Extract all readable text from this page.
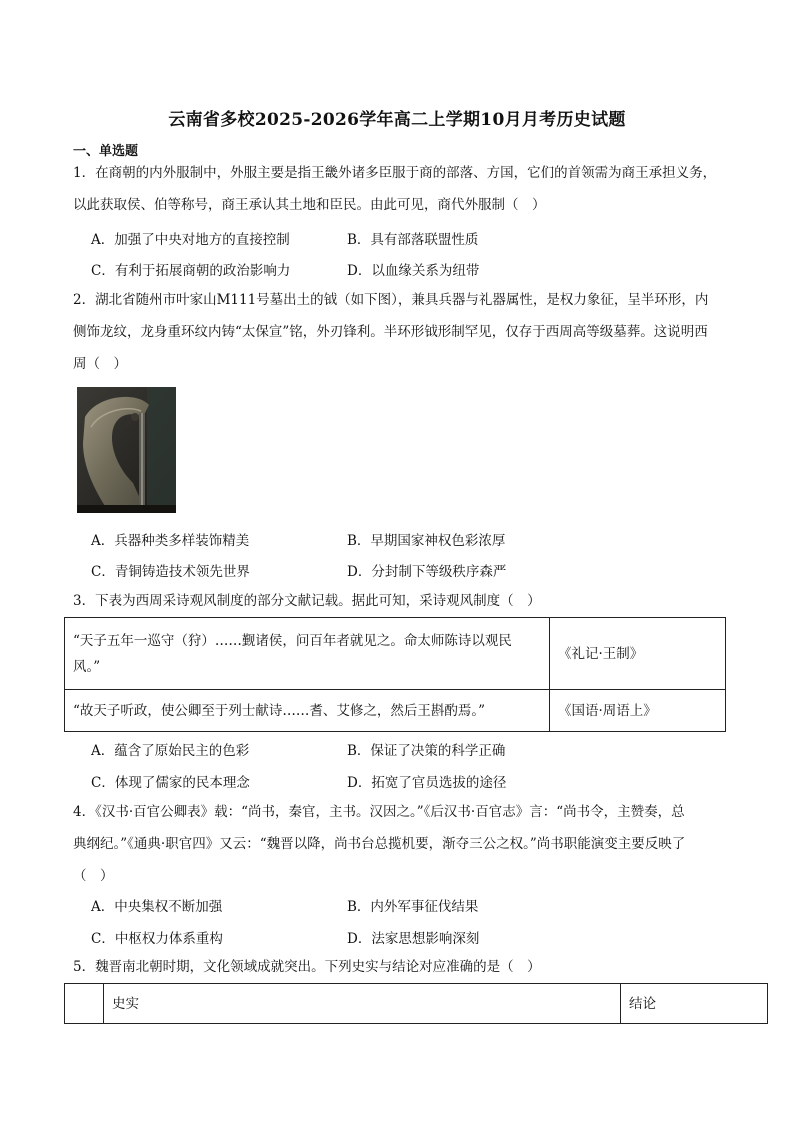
云南省多校2025-2026学年高二上学期10月月考历史试题
一、单选题
1．在商朝的内外服制中，外服主要是指王畿外诸多臣服于商的部落、方国，它们的首领需为商王承担义务，
以此获取侯、伯等称号，商王承认其土地和臣民。由此可见，商代外服制（　）
A．加强了中央对地方的直接控制	B．具有部落联盟性质
C．有利于拓展商朝的政治影响力	D．以血缘关系为纽带
2．湖北省随州市叶家山M111号墓出土的钺（如下图），兼具兵器与礼器属性，是权力象征，呈半环形，内
侧饰龙纹，龙身重环纹内铸“太保宣”铭，外刃锋利。半环形钺形制罕见，仅存于西周高等级墓葬。这说明西
周（　）
A．兵器种类多样装饰精美	B．早期国家神权色彩浓厚
C．青铜铸造技术领先世界	D．分封制下等级秩序森严
3．下表为西周采诗观风制度的部分文献记载。据此可知，采诗观风制度（　）
“天子五年一巡守（狩）……觐诸侯，问百年者就见之。命太师陈诗以观民
风。”	《礼记·王制》
“故天子听政，使公卿至于列士献诗……耆、艾修之，然后王斟酌焉。”	《国语·周语上》
A．蕴含了原始民主的色彩	B．保证了决策的科学正确
C．体现了儒家的民本理念	D．拓宽了官员选拔的途径
4．《汉书·百官公卿表》载：“尚书，秦官，主书。汉因之。”《后汉书·百官志》言：“尚书令，主赞奏，总
典纲纪。”《通典·职官四》又云：“魏晋以降，尚书台总揽机要，渐夺三公之权。”尚书职能演变主要反映了
（　）
A．中央集权不断加强	B．内外军事征伐结果
C．中枢权力体系重构	D．法家思想影响深刻
5．魏晋南北朝时期，文化领域成就突出。下列史实与结论对应准确的是（　）
	史实	结论
